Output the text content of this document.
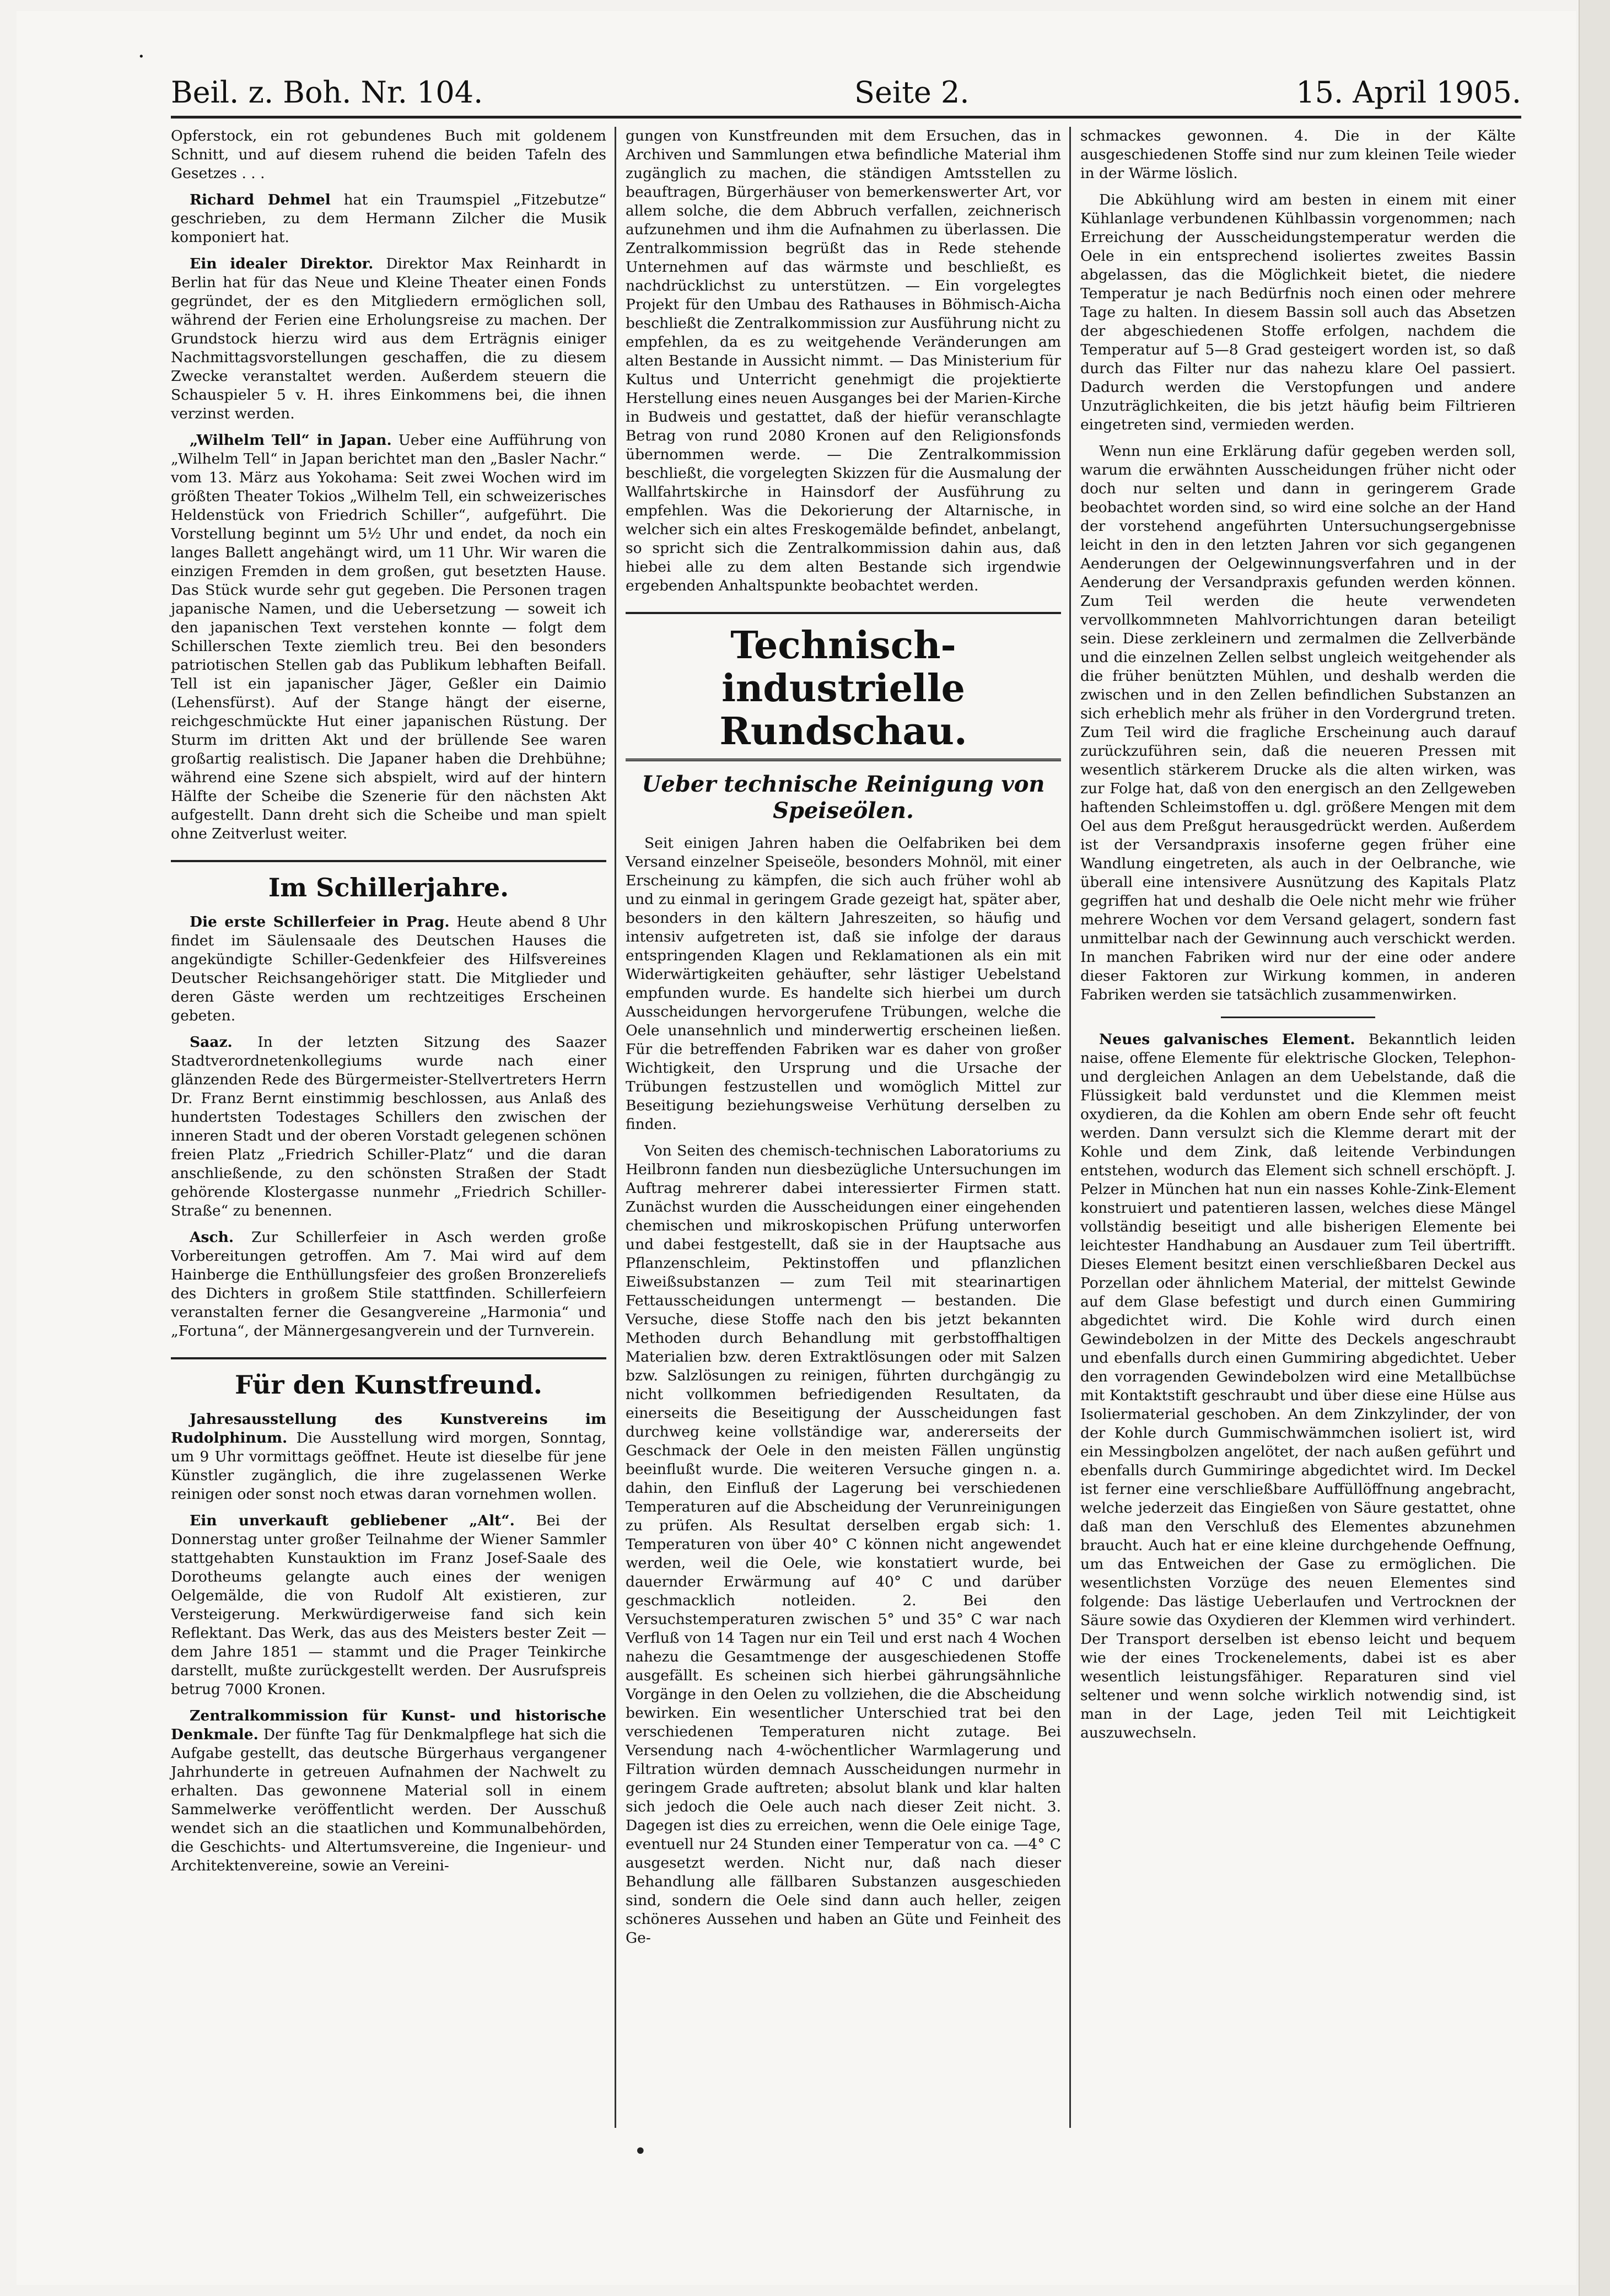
Beil. z. Boh. Nr. 104.	Seite 2.	15. April 1905.

Opferstock, ein rot gebundenes Buch mit goldenem Schnitt, und auf diesem ruhend die beiden Tafeln des Gesetzes . . .

Richard Dehmel hat ein Traumspiel „Fitzebutze“ geschrieben, zu dem Hermann Zilcher die Musik komponiert hat.

Ein idealer Direktor. Direktor Max Reinhardt in Berlin hat für das Neue und Kleine Theater einen Fonds gegründet, der es den Mitgliedern ermöglichen soll, während der Ferien eine Erholungsreise zu machen. Der Grundstock hierzu wird aus dem Erträgnis einiger Nachmittagsvorstellungen geschaffen, die zu diesem Zwecke veranstaltet werden. Außerdem steuern die Schauspieler 5 v. H. ihres Einkommens bei, die ihnen verzinst werden.

„Wilhelm Tell“ in Japan. Ueber eine Aufführung von „Wilhelm Tell“ in Japan berichtet man den „Basler Nachr.“ vom 13. März aus Yokohama: Seit zwei Wochen wird im größten Theater Tokios „Wilhelm Tell, ein schweizerisches Heldenstück von Friedrich Schiller“, aufgeführt. Die Vorstellung beginnt um 5½ Uhr und endet, da noch ein langes Ballett angehängt wird, um 11 Uhr. Wir waren die einzigen Fremden in dem großen, gut besetzten Hause. Das Stück wurde sehr gut gegeben. Die Personen tragen japanische Namen, und die Uebersetzung — soweit ich den japanischen Text verstehen konnte — folgt dem Schillerschen Texte ziemlich treu. Bei den besonders patriotischen Stellen gab das Publikum lebhaften Beifall. Tell ist ein japanischer Jäger, Geßler ein Daimio (Lehensfürst). Auf der Stange hängt der eiserne, reichgeschmückte Hut einer japanischen Rüstung. Der Sturm im dritten Akt und der brüllende See waren großartig realistisch. Die Japaner haben die Drehbühne; während eine Szene sich abspielt, wird auf der hintern Hälfte der Scheibe die Szenerie für den nächsten Akt aufgestellt. Dann dreht sich die Scheibe und man spielt ohne Zeitverlust weiter.

Im Schillerjahre.

Die erste Schillerfeier in Prag. Heute abend 8 Uhr findet im Säulensaale des Deutschen Hauses die angekündigte Schiller-Gedenkfeier des Hilfsvereines Deutscher Reichsangehöriger statt. Die Mitglieder und deren Gäste werden um rechtzeitiges Erscheinen gebeten.

Saaz. In der letzten Sitzung des Saazer Stadtverordnetenkollegiums wurde nach einer glänzenden Rede des Bürgermeister-Stellvertreters Herrn Dr. Franz Bernt einstimmig beschlossen, aus Anlaß des hundertsten Todestages Schillers den zwischen der inneren Stadt und der oberen Vorstadt gelegenen schönen freien Platz „Friedrich Schiller-Platz“ und die daran anschließende, zu den schönsten Straßen der Stadt gehörende Klostergasse nunmehr „Friedrich Schiller-Straße“ zu benennen.

Asch. Zur Schillerfeier in Asch werden große Vorbereitungen getroffen. Am 7. Mai wird auf dem Hainberge die Enthüllungsfeier des großen Bronzereliefs des Dichters in großem Stile stattfinden. Schillerfeiern veranstalten ferner die Gesangvereine „Harmonia“ und „Fortuna“, der Männergesangverein und der Turnverein.

Für den Kunstfreund.

Jahresausstellung des Kunstvereins im Rudolphinum. Die Ausstellung wird morgen, Sonntag, um 9 Uhr vormittags geöffnet. Heute ist dieselbe für jene Künstler zugänglich, die ihre zugelassenen Werke reinigen oder sonst noch etwas daran vornehmen wollen.

Ein unverkauft gebliebener „Alt“. Bei der Donnerstag unter großer Teilnahme der Wiener Sammler stattgehabten Kunstauktion im Franz Josef-Saale des Dorotheums gelangte auch eines der wenigen Oelgemälde, die von Rudolf Alt existieren, zur Versteigerung. Merkwürdigerweise fand sich kein Reflektant. Das Werk, das aus des Meisters bester Zeit — dem Jahre 1851 — stammt und die Prager Teinkirche darstellt, mußte zurückgestellt werden. Der Ausrufspreis betrug 7000 Kronen.

Zentralkommission für Kunst- und historische Denkmale. Der fünfte Tag für Denkmalpflege hat sich die Aufgabe gestellt, das deutsche Bürgerhaus vergangener Jahrhunderte in getreuen Aufnahmen der Nachwelt zu erhalten. Das gewonnene Material soll in einem Sammelwerke veröffentlicht werden. Der Ausschuß wendet sich an die staatlichen und Kommunalbehörden, die Geschichts- und Altertumsvereine, die Ingenieur- und Architektenvereine, sowie an Vereini-

gungen von Kunstfreunden mit dem Ersuchen, das in Archiven und Sammlungen etwa befindliche Material ihm zugänglich zu machen, die ständigen Amtsstellen zu beauftragen, Bürgerhäuser von bemerkenswerter Art, vor allem solche, die dem Abbruch verfallen, zeichnerisch aufzunehmen und ihm die Aufnahmen zu überlassen. Die Zentralkommission begrüßt das in Rede stehende Unternehmen auf das wärmste und beschließt, es nachdrücklichst zu unterstützen. — Ein vorgelegtes Projekt für den Umbau des Rathauses in Böhmisch-Aicha beschließt die Zentralkommission zur Ausführung nicht zu empfehlen, da es zu weitgehende Veränderungen am alten Bestande in Aussicht nimmt. — Das Ministerium für Kultus und Unterricht genehmigt die projektierte Herstellung eines neuen Ausganges bei der Marien-Kirche in Budweis und gestattet, daß der hiefür veranschlagte Betrag von rund 2080 Kronen auf den Religionsfonds übernommen werde. — Die Zentralkommission beschließt, die vorgelegten Skizzen für die Ausmalung der Wallfahrtskirche in Hainsdorf der Ausführung zu empfehlen. Was die Dekorierung der Altarnische, in welcher sich ein altes Freskogemälde befindet, anbelangt, so spricht sich die Zentralkommission dahin aus, daß hiebei alle zu dem alten Bestande sich irgendwie ergebenden Anhaltspunkte beobachtet werden.

Technisch-industrielle Rundschau.
Ueber technische Reinigung von Speiseölen.

Seit einigen Jahren haben die Oelfabriken bei dem Versand einzelner Speiseöle, besonders Mohnöl, mit einer Erscheinung zu kämpfen, die sich auch früher wohl ab und zu einmal in geringem Grade gezeigt hat, später aber, besonders in den kältern Jahreszeiten, so häufig und intensiv aufgetreten ist, daß sie infolge der daraus entspringenden Klagen und Reklamationen als ein mit Widerwärtigkeiten gehäufter, sehr lästiger Uebelstand empfunden wurde. Es handelte sich hierbei um durch Ausscheidungen hervorgerufene Trübungen, welche die Oele unansehnlich und minderwertig erscheinen ließen. Für die betreffenden Fabriken war es daher von großer Wichtigkeit, den Ursprung und die Ursache der Trübungen festzustellen und womöglich Mittel zur Beseitigung beziehungsweise Verhütung derselben zu finden.

Von Seiten des chemisch-technischen Laboratoriums zu Heilbronn fanden nun diesbezügliche Untersuchungen im Auftrag mehrerer dabei interessierter Firmen statt. Zunächst wurden die Ausscheidungen einer eingehenden chemischen und mikroskopischen Prüfung unterworfen und dabei festgestellt, daß sie in der Hauptsache aus Pflanzenschleim, Pektinstoffen und pflanzlichen Eiweißsubstanzen — zum Teil mit stearinartigen Fettausscheidungen untermengt — bestanden. Die Versuche, diese Stoffe nach den bis jetzt bekannten Methoden durch Behandlung mit gerbstoffhaltigen Materialien bzw. deren Extraktlösungen oder mit Salzen bzw. Salzlösungen zu reinigen, führten durchgängig zu nicht vollkommen befriedigenden Resultaten, da einerseits die Beseitigung der Ausscheidungen fast durchweg keine vollständige war, andererseits der Geschmack der Oele in den meisten Fällen ungünstig beeinflußt wurde. Die weiteren Versuche gingen n. a. dahin, den Einfluß der Lagerung bei verschiedenen Temperaturen auf die Abscheidung der Verunreinigungen zu prüfen. Als Resultat derselben ergab sich: 1. Temperaturen von über 40° C können nicht angewendet werden, weil die Oele, wie konstatiert wurde, bei dauernder Erwärmung auf 40° C und darüber geschmacklich notleiden. 2. Bei den Versuchstemperaturen zwischen 5° und 35° C war nach Verfluß von 14 Tagen nur ein Teil und erst nach 4 Wochen nahezu die Gesamtmenge der ausgeschiedenen Stoffe ausgefällt. Es scheinen sich hierbei gährungsähnliche Vorgänge in den Oelen zu vollziehen, die die Abscheidung bewirken. Ein wesentlicher Unterschied trat bei den verschiedenen Temperaturen nicht zutage. Bei Versendung nach 4-wöchentlicher Warmlagerung und Filtration würden demnach Ausscheidungen nurmehr in geringem Grade auftreten; absolut blank und klar halten sich jedoch die Oele auch nach dieser Zeit nicht. 3. Dagegen ist dies zu erreichen, wenn die Oele einige Tage, eventuell nur 24 Stunden einer Temperatur von ca. —4° C ausgesetzt werden. Nicht nur, daß nach dieser Behandlung alle fällbaren Substanzen ausgeschieden sind, sondern die Oele sind dann auch heller, zeigen schöneres Aussehen und haben an Güte und Feinheit des Ge-

schmackes gewonnen. 4. Die in der Kälte ausgeschiedenen Stoffe sind nur zum kleinen Teile wieder in der Wärme löslich.

Die Abkühlung wird am besten in einem mit einer Kühlanlage verbundenen Kühlbassin vorgenommen; nach Erreichung der Ausscheidungstemperatur werden die Oele in ein entsprechend isoliertes zweites Bassin abgelassen, das die Möglichkeit bietet, die niedere Temperatur je nach Bedürfnis noch einen oder mehrere Tage zu halten. In diesem Bassin soll auch das Absetzen der abgeschiedenen Stoffe erfolgen, nachdem die Temperatur auf 5—8 Grad gesteigert worden ist, so daß durch das Filter nur das nahezu klare Oel passiert. Dadurch werden die Verstopfungen und andere Unzuträglichkeiten, die bis jetzt häufig beim Filtrieren eingetreten sind, vermieden werden.

Wenn nun eine Erklärung dafür gegeben werden soll, warum die erwähnten Ausscheidungen früher nicht oder doch nur selten und dann in geringerem Grade beobachtet worden sind, so wird eine solche an der Hand der vorstehend angeführten Untersuchungsergebnisse leicht in den in den letzten Jahren vor sich gegangenen Aenderungen der Oelgewinnungsverfahren und in der Aenderung der Versandpraxis gefunden werden können. Zum Teil werden die heute verwendeten vervollkommneten Mahlvorrichtungen daran beteiligt sein. Diese zerkleinern und zermalmen die Zellverbände und die einzelnen Zellen selbst ungleich weitgehender als die früher benützten Mühlen, und deshalb werden die zwischen und in den Zellen befindlichen Substanzen an sich erheblich mehr als früher in den Vordergrund treten. Zum Teil wird die fragliche Erscheinung auch darauf zurückzuführen sein, daß die neueren Pressen mit wesentlich stärkerem Drucke als die alten wirken, was zur Folge hat, daß von den energisch an den Zellgeweben haftenden Schleimstoffen u. dgl. größere Mengen mit dem Oel aus dem Preßgut herausgedrückt werden. Außerdem ist der Versandpraxis insoferne gegen früher eine Wandlung eingetreten, als auch in der Oelbranche, wie überall eine intensivere Ausnützung des Kapitals Platz gegriffen hat und deshalb die Oele nicht mehr wie früher mehrere Wochen vor dem Versand gelagert, sondern fast unmittelbar nach der Gewinnung auch verschickt werden. In manchen Fabriken wird nur der eine oder andere dieser Faktoren zur Wirkung kommen, in anderen Fabriken werden sie tatsächlich zusammenwirken.

Neues galvanisches Element. Bekanntlich leiden naise, offene Elemente für elektrische Glocken, Telephon- und dergleichen Anlagen an dem Uebelstande, daß die Flüssigkeit bald verdunstet und die Klemmen meist oxydieren, da die Kohlen am obern Ende sehr oft feucht werden. Dann versulzt sich die Klemme derart mit der Kohle und dem Zink, daß leitende Verbindungen entstehen, wodurch das Element sich schnell erschöpft. J. Pelzer in München hat nun ein nasses Kohle-Zink-Element konstruiert und patentieren lassen, welches diese Mängel vollständig beseitigt und alle bisherigen Elemente bei leichtester Handhabung an Ausdauer zum Teil übertrifft. Dieses Element besitzt einen verschließbaren Deckel aus Porzellan oder ähnlichem Material, der mittelst Gewinde auf dem Glase befestigt und durch einen Gummiring abgedichtet wird. Die Kohle wird durch einen Gewindebolzen in der Mitte des Deckels angeschraubt und ebenfalls durch einen Gummiring abgedichtet. Ueber den vorragenden Gewindebolzen wird eine Metallbüchse mit Kontaktstift geschraubt und über diese eine Hülse aus Isoliermaterial geschoben. An dem Zinkzylinder, der von der Kohle durch Gummischwämmchen isoliert ist, wird ein Messingbolzen angelötet, der nach außen geführt und ebenfalls durch Gummiringe abgedichtet wird. Im Deckel ist ferner eine verschließbare Auffüllöffnung angebracht, welche jederzeit das Eingießen von Säure gestattet, ohne daß man den Verschluß des Elementes abzunehmen braucht. Auch hat er eine kleine durchgehende Oeffnung, um das Entweichen der Gase zu ermöglichen. Die wesentlichsten Vorzüge des neuen Elementes sind folgende: Das lästige Ueberlaufen und Vertrocknen der Säure sowie das Oxydieren der Klemmen wird verhindert. Der Transport derselben ist ebenso leicht und bequem wie der eines Trockenelements, dabei ist es aber wesentlich leistungsfähiger. Reparaturen sind viel seltener und wenn solche wirklich notwendig sind, ist man in der Lage, jeden Teil mit Leichtigkeit auszuwechseln.

•
·
